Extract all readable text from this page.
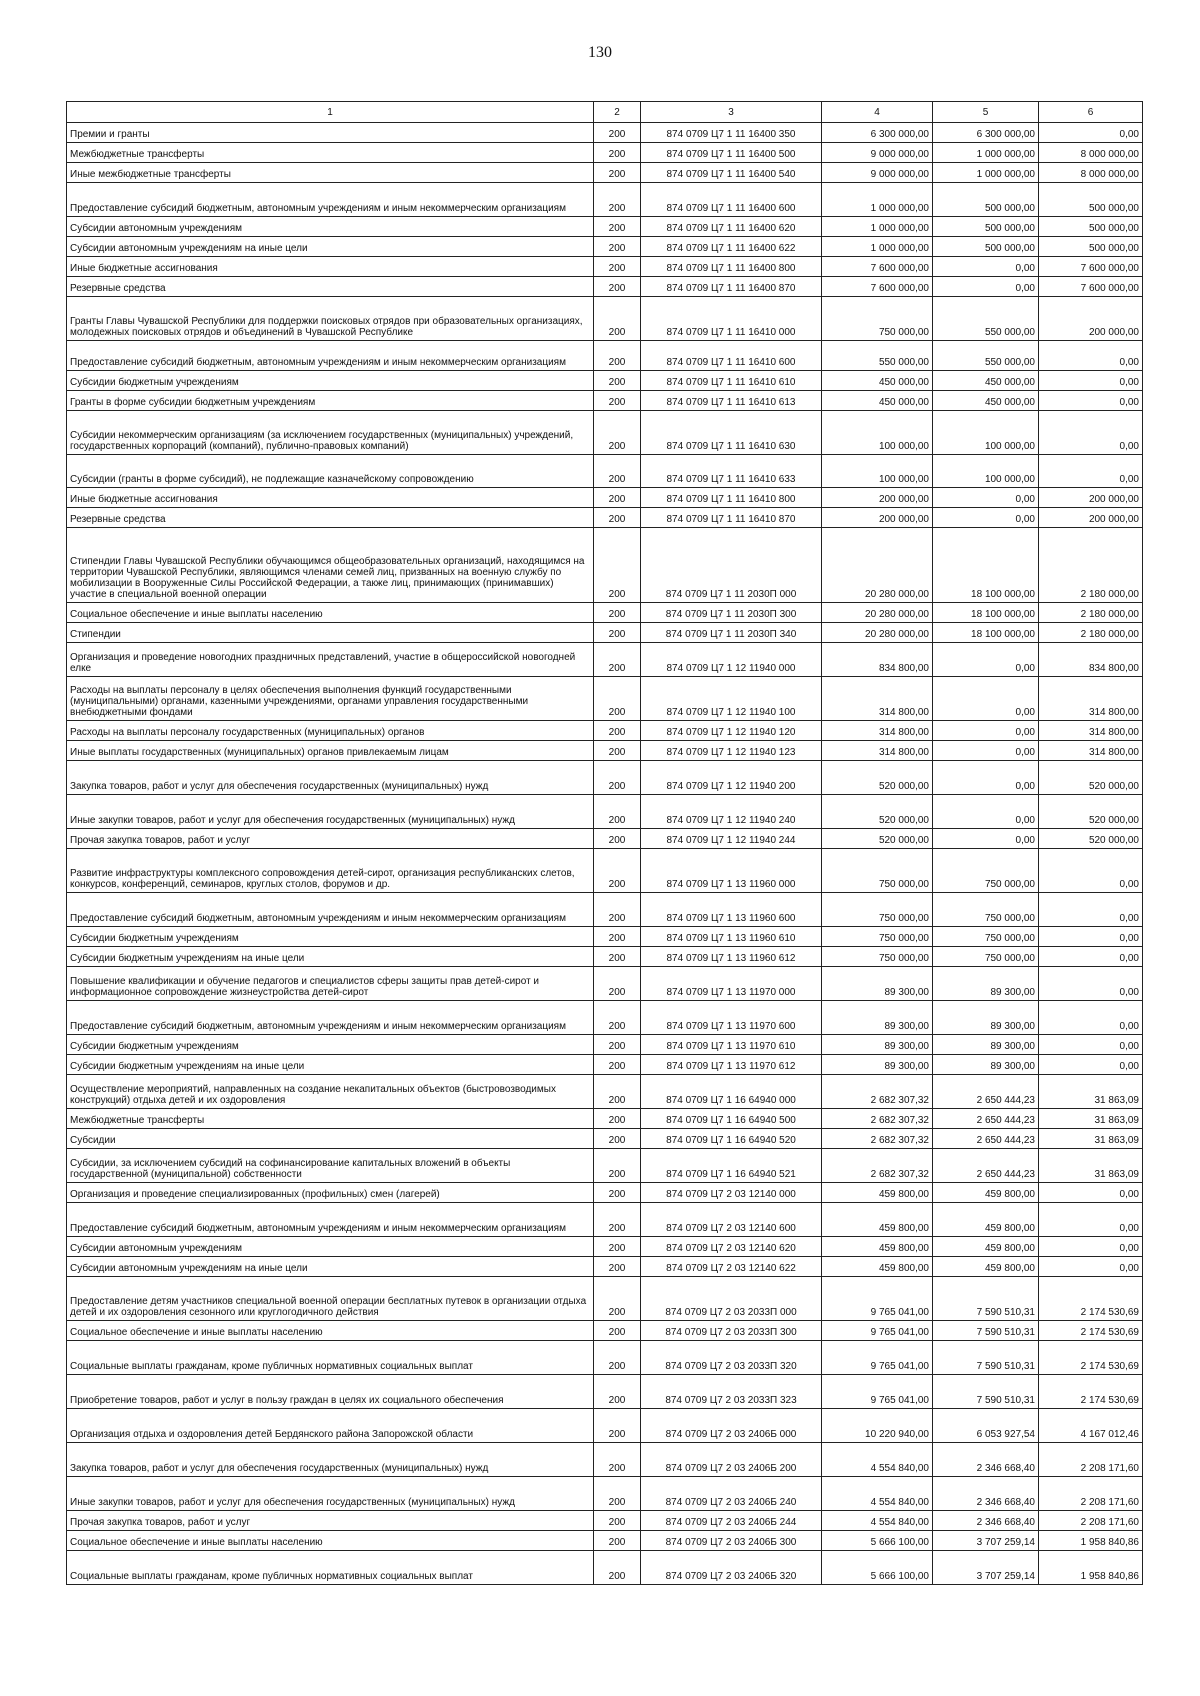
130
1	2	3	4	5	6
Премии и гранты	200	874 0709 Ц7 1 11 16400 350	6 300 000,00	6 300 000,00	0,00
Межбюджетные трансферты	200	874 0709 Ц7 1 11 16400 500	9 000 000,00	1 000 000,00	8 000 000,00
Иные межбюджетные трансферты	200	874 0709 Ц7 1 11 16400 540	9 000 000,00	1 000 000,00	8 000 000,00
Предоставление субсидий бюджетным, автономным учреждениям и иным некоммерческим организациям	200	874 0709 Ц7 1 11 16400 600	1 000 000,00	500 000,00	500 000,00
Субсидии автономным учреждениям	200	874 0709 Ц7 1 11 16400 620	1 000 000,00	500 000,00	500 000,00
Субсидии автономным учреждениям на иные цели	200	874 0709 Ц7 1 11 16400 622	1 000 000,00	500 000,00	500 000,00
Иные бюджетные ассигнования	200	874 0709 Ц7 1 11 16400 800	7 600 000,00	0,00	7 600 000,00
Резервные средства	200	874 0709 Ц7 1 11 16400 870	7 600 000,00	0,00	7 600 000,00
Гранты Главы Чувашской Республики для поддержки поисковых отрядов при образовательных организациях, молодежных поисковых отрядов и объединений в Чувашской Республике	200	874 0709 Ц7 1 11 16410 000	750 000,00	550 000,00	200 000,00
Предоставление субсидий бюджетным, автономным учреждениям и иным некоммерческим организациям	200	874 0709 Ц7 1 11 16410 600	550 000,00	550 000,00	0,00
Субсидии бюджетным учреждениям	200	874 0709 Ц7 1 11 16410 610	450 000,00	450 000,00	0,00
Гранты в форме субсидии бюджетным учреждениям	200	874 0709 Ц7 1 11 16410 613	450 000,00	450 000,00	0,00
Субсидии некоммерческим организациям (за исключением государственных (муниципальных) учреждений, государственных корпораций (компаний), публично-правовых компаний)	200	874 0709 Ц7 1 11 16410 630	100 000,00	100 000,00	0,00
Субсидии (гранты в форме субсидий), не подлежащие казначейскому сопровождению	200	874 0709 Ц7 1 11 16410 633	100 000,00	100 000,00	0,00
Иные бюджетные ассигнования	200	874 0709 Ц7 1 11 16410 800	200 000,00	0,00	200 000,00
Резервные средства	200	874 0709 Ц7 1 11 16410 870	200 000,00	0,00	200 000,00
Стипендии Главы Чувашской Республики обучающимся общеобразовательных организаций, находящимся на территории Чувашской Республики, являющимся членами семей лиц, призванных на военную службу по мобилизации в Вооруженные Силы Российской Федерации, а также лиц, принимающих (принимавших) участие в специальной военной операции	200	874 0709 Ц7 1 11 2030П 000	20 280 000,00	18 100 000,00	2 180 000,00
Социальное обеспечение и иные выплаты населению	200	874 0709 Ц7 1 11 2030П 300	20 280 000,00	18 100 000,00	2 180 000,00
Стипендии	200	874 0709 Ц7 1 11 2030П 340	20 280 000,00	18 100 000,00	2 180 000,00
Организация и проведение новогодних праздничных представлений, участие в общероссийской новогодней елке	200	874 0709 Ц7 1 12 11940 000	834 800,00	0,00	834 800,00
Расходы на выплаты персоналу в целях обеспечения выполнения функций государственными (муниципальными) органами, казенными учреждениями, органами управления государственными внебюджетными фондами	200	874 0709 Ц7 1 12 11940 100	314 800,00	0,00	314 800,00
Расходы на выплаты персоналу государственных (муниципальных) органов	200	874 0709 Ц7 1 12 11940 120	314 800,00	0,00	314 800,00
Иные выплаты государственных (муниципальных) органов привлекаемым лицам	200	874 0709 Ц7 1 12 11940 123	314 800,00	0,00	314 800,00
Закупка товаров, работ и услуг для обеспечения государственных (муниципальных) нужд	200	874 0709 Ц7 1 12 11940 200	520 000,00	0,00	520 000,00
Иные закупки товаров, работ и услуг для обеспечения государственных (муниципальных) нужд	200	874 0709 Ц7 1 12 11940 240	520 000,00	0,00	520 000,00
Прочая закупка товаров, работ и услуг	200	874 0709 Ц7 1 12 11940 244	520 000,00	0,00	520 000,00
Развитие инфраструктуры комплексного сопровождения детей-сирот, организация республиканских слетов, конкурсов, конференций, семинаров, круглых столов, форумов и др.	200	874 0709 Ц7 1 13 11960 000	750 000,00	750 000,00	0,00
Предоставление субсидий бюджетным, автономным учреждениям и иным некоммерческим организациям	200	874 0709 Ц7 1 13 11960 600	750 000,00	750 000,00	0,00
Субсидии бюджетным учреждениям	200	874 0709 Ц7 1 13 11960 610	750 000,00	750 000,00	0,00
Субсидии бюджетным учреждениям на иные цели	200	874 0709 Ц7 1 13 11960 612	750 000,00	750 000,00	0,00
Повышение квалификации и обучение педагогов и специалистов сферы защиты прав детей-сирот и информационное сопровождение жизнеустройства детей-сирот	200	874 0709 Ц7 1 13 11970 000	89 300,00	89 300,00	0,00
Предоставление субсидий бюджетным, автономным учреждениям и иным некоммерческим организациям	200	874 0709 Ц7 1 13 11970 600	89 300,00	89 300,00	0,00
Субсидии бюджетным учреждениям	200	874 0709 Ц7 1 13 11970 610	89 300,00	89 300,00	0,00
Субсидии бюджетным учреждениям на иные цели	200	874 0709 Ц7 1 13 11970 612	89 300,00	89 300,00	0,00
Осуществление мероприятий, направленных на создание некапитальных объектов (быстровозводимых конструкций) отдыха детей и их оздоровления	200	874 0709 Ц7 1 16 64940 000	2 682 307,32	2 650 444,23	31 863,09
Межбюджетные трансферты	200	874 0709 Ц7 1 16 64940 500	2 682 307,32	2 650 444,23	31 863,09
Субсидии	200	874 0709 Ц7 1 16 64940 520	2 682 307,32	2 650 444,23	31 863,09
Субсидии, за исключением субсидий на софинансирование капитальных вложений в объекты государственной (муниципальной) собственности	200	874 0709 Ц7 1 16 64940 521	2 682 307,32	2 650 444,23	31 863,09
Организация и проведение специализированных (профильных) смен (лагерей)	200	874 0709 Ц7 2 03 12140 000	459 800,00	459 800,00	0,00
Предоставление субсидий бюджетным, автономным учреждениям и иным некоммерческим организациям	200	874 0709 Ц7 2 03 12140 600	459 800,00	459 800,00	0,00
Субсидии автономным учреждениям	200	874 0709 Ц7 2 03 12140 620	459 800,00	459 800,00	0,00
Субсидии автономным учреждениям на иные цели	200	874 0709 Ц7 2 03 12140 622	459 800,00	459 800,00	0,00
Предоставление детям участников специальной военной операции бесплатных путевок в организации отдыха детей и их оздоровления сезонного или круглогодичного действия	200	874 0709 Ц7 2 03 2033П 000	9 765 041,00	7 590 510,31	2 174 530,69
Социальное обеспечение и иные выплаты населению	200	874 0709 Ц7 2 03 2033П 300	9 765 041,00	7 590 510,31	2 174 530,69
Социальные выплаты гражданам, кроме публичных нормативных социальных выплат	200	874 0709 Ц7 2 03 2033П 320	9 765 041,00	7 590 510,31	2 174 530,69
Приобретение товаров, работ и услуг в пользу граждан в целях их социального обеспечения	200	874 0709 Ц7 2 03 2033П 323	9 765 041,00	7 590 510,31	2 174 530,69
Организация отдыха и оздоровления детей Бердянского района Запорожской области	200	874 0709 Ц7 2 03 2406Б 000	10 220 940,00	6 053 927,54	4 167 012,46
Закупка товаров, работ и услуг для обеспечения государственных (муниципальных) нужд	200	874 0709 Ц7 2 03 2406Б 200	4 554 840,00	2 346 668,40	2 208 171,60
Иные закупки товаров, работ и услуг для обеспечения государственных (муниципальных) нужд	200	874 0709 Ц7 2 03 2406Б 240	4 554 840,00	2 346 668,40	2 208 171,60
Прочая закупка товаров, работ и услуг	200	874 0709 Ц7 2 03 2406Б 244	4 554 840,00	2 346 668,40	2 208 171,60
Социальное обеспечение и иные выплаты населению	200	874 0709 Ц7 2 03 2406Б 300	5 666 100,00	3 707 259,14	1 958 840,86
Социальные выплаты гражданам, кроме публичных нормативных социальных выплат	200	874 0709 Ц7 2 03 2406Б 320	5 666 100,00	3 707 259,14	1 958 840,86
